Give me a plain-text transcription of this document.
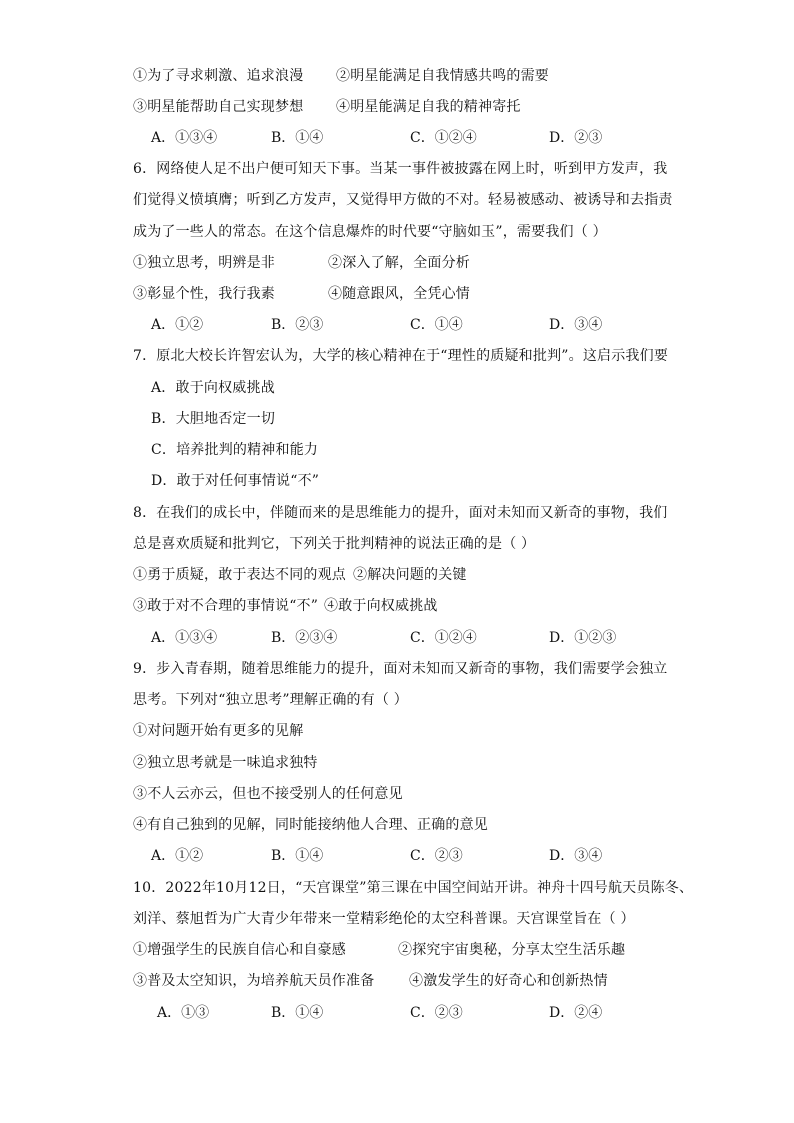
①为了寻求刺激、追求浪漫 ②明星能满足自我情感共鸣的需要
③明星能帮助自己实现梦想 ④明星能满足自我的精神寄托
A．①③④	B．①④	C．①②④	D．②③
6．网络使人足不出户便可知天下事。当某一事件被披露在网上时，听到甲方发声，我
们觉得义愤填膺；听到乙方发声，又觉得甲方做的不对。轻易被感动、被诱导和去指责
成为了一些人的常态。在这个信息爆炸的时代要“守脑如玉”，需要我们（ ）
①独立思考，明辨是非	②深入了解，全面分析
③彰显个性，我行我素	④随意跟风，全凭心情
A．①②	B．②③	C．①④	D．③④
7．原北大校长许智宏认为，大学的核心精神在于“理性的质疑和批判”。这启示我们要
A．敢于向权威挑战
B．大胆地否定一切
C．培养批判的精神和能力
D．敢于对任何事情说“不”
8．在我们的成长中，伴随而来的是思维能力的提升，面对未知而又新奇的事物，我们
总是喜欢质疑和批判它，下列关于批判精神的说法正确的是（ ）
①勇于质疑，敢于表达不同的观点 ②解决问题的关键
③敢于对不合理的事情说“不” ④敢于向权威挑战
A．①③④	B．②③④	C．①②④	D．①②③
9．步入青春期，随着思维能力的提升，面对未知而又新奇的事物，我们需要学会独立
思考。下列对“独立思考”理解正确的有（ ）
①对问题开始有更多的见解
②独立思考就是一味追求独特
③不人云亦云，但也不接受别人的任何意见
④有自己独到的见解，同时能接纳他人合理、正确的意见
A．①②	B．①④	C．②③	D．③④
10．2022年10月12日，“天宫课堂”第三课在中国空间站开讲。神舟十四号航天员陈冬、
刘洋、蔡旭哲为广大青少年带来一堂精彩绝伦的太空科普课。天宫课堂旨在（ ）
①增强学生的民族自信心和自豪感	②探究宇宙奥秘，分享太空生活乐趣
③普及太空知识，为培养航天员作准备 ④激发学生的好奇心和创新热情
A．①③	B．①④	C．②③	D．②④
